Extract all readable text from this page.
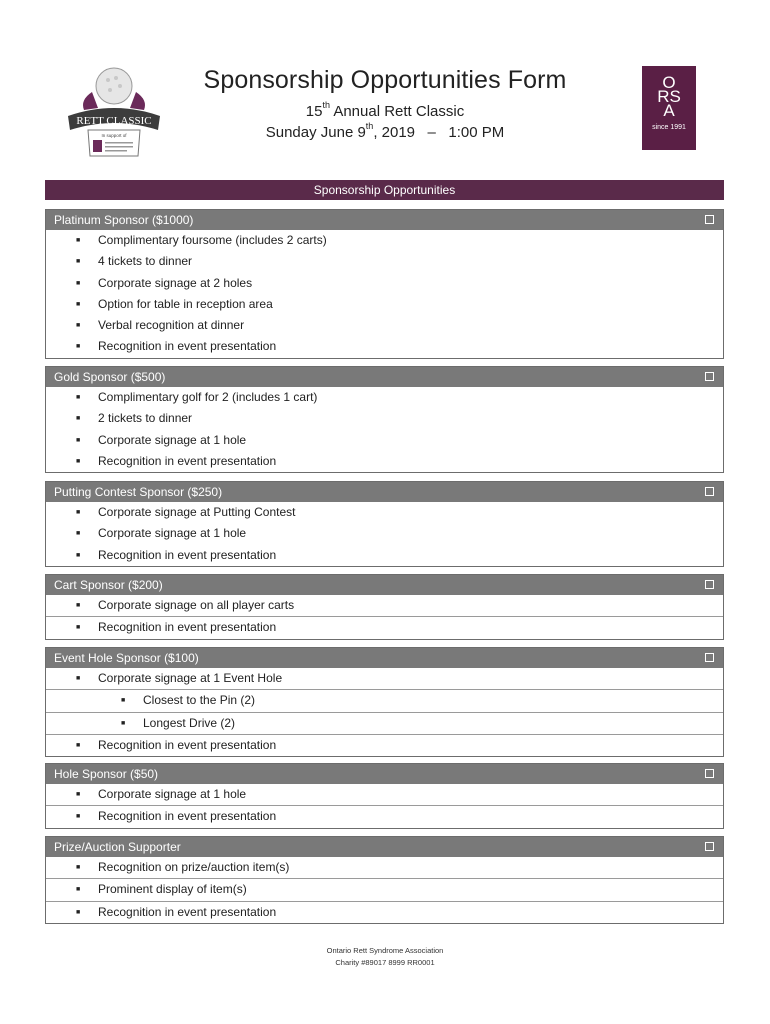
RETT CLASSIC
In support of
Sponsorship Opportunities Form
15th Annual Rett Classic
Sunday June 9th, 2019 – 1:00 PM
O
RS
A
since 1991
Sponsorship Opportunities
Platinum Sponsor ($1000)
■ Complimentary foursome (includes 2 carts)
■ 4 tickets to dinner
■ Corporate signage at 2 holes
■ Option for table in reception area
■ Verbal recognition at dinner
■ Recognition in event presentation
Gold Sponsor ($500)
■ Complimentary golf for 2 (includes 1 cart)
■ 2 tickets to dinner
■ Corporate signage at 1 hole
■ Recognition in event presentation
Putting Contest Sponsor ($250)
■ Corporate signage at Putting Contest
■ Corporate signage at 1 hole
■ Recognition in event presentation
Cart Sponsor ($200)
■ Corporate signage on all player carts
■ Recognition in event presentation
Event Hole Sponsor ($100)
■ Corporate signage at 1 Event Hole
■ Closest to the Pin (2)
■ Longest Drive (2)
■ Recognition in event presentation
Hole Sponsor ($50)
■ Corporate signage at 1 hole
■ Recognition in event presentation
Prize/Auction Supporter
■ Recognition on prize/auction item(s)
■ Prominent display of item(s)
■ Recognition in event presentation
Ontario Rett Syndrome Association
Charity #89017 8999 RR0001
